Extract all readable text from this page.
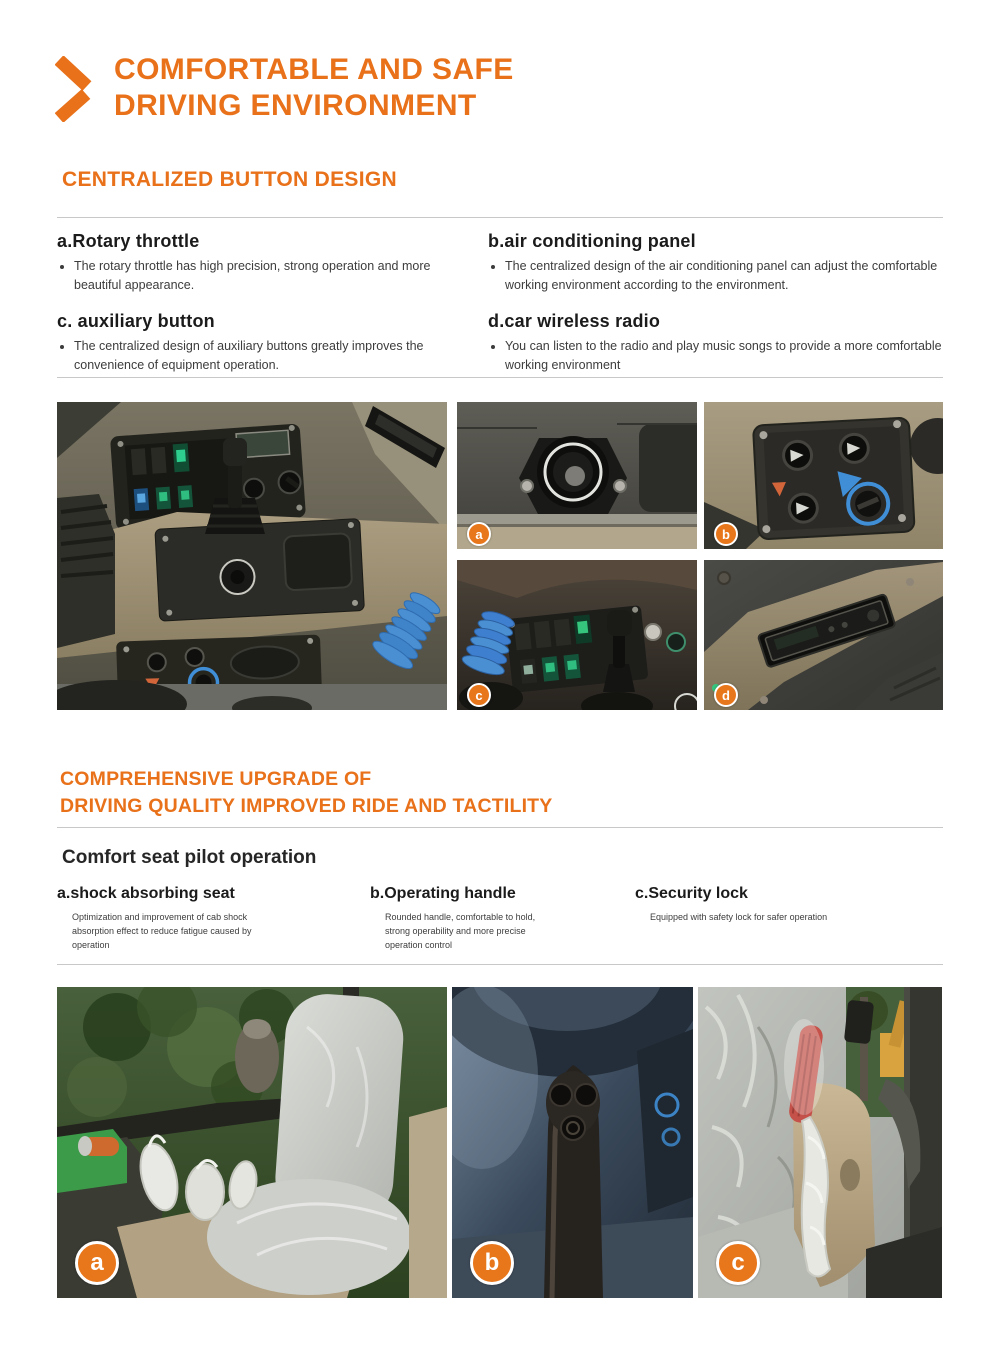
COMFORTABLE AND SAFE
DRIVING ENVIRONMENT
CENTRALIZED BUTTON DESIGN
a.Rotary throttle
• The rotary throttle has high precision, strong operation and more beautiful appearance.
b.air conditioning panel
• The centralized design of the air conditioning panel can adjust the comfortable working environment according to the environment.
c. auxiliary button
• The centralized design of auxiliary buttons greatly improves the convenience of equipment operation.
d.car wireless radio
• You can listen to the radio and play music songs to provide a more comfortable working environment
a	b
c	d
COMPREHENSIVE UPGRADE OF
DRIVING QUALITY IMPROVED RIDE AND TACTILITY
Comfort seat pilot operation
a.shock absorbing seat

Optimization and improvement of cab shock absorption effect to reduce fatigue caused by operation

b.Operating handle

Rounded handle, comfortable to hold, strong operability and more precise operation control

c.Security lock

Equipped with safety lock for safer operation

a	b	c
